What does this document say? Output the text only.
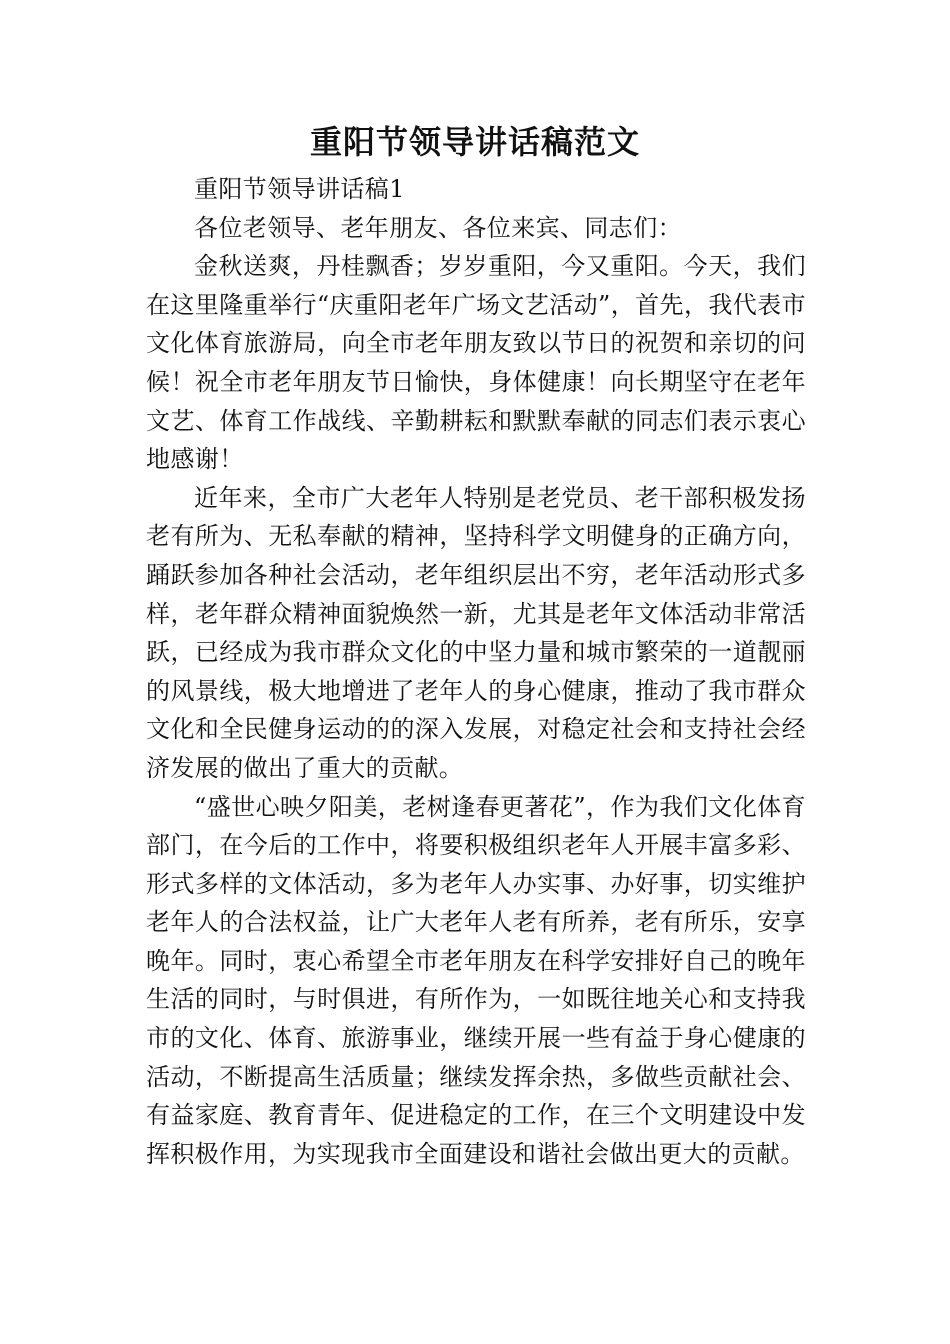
重阳节领导讲话稿范文

重阳节领导讲话稿1

各位老领导、老年朋友、各位来宾、同志们：

金秋送爽，丹桂飘香；岁岁重阳，今又重阳。今天，我们在这里隆重举行“庆重阳老年广场文艺活动”，首先，我代表市文化体育旅游局，向全市老年朋友致以节日的祝贺和亲切的问候！祝全市老年朋友节日愉快，身体健康！向长期坚守在老年文艺、体育工作战线、辛勤耕耘和默默奉献的同志们表示衷心地感谢！

近年来，全市广大老年人特别是老党员、老干部积极发扬老有所为、无私奉献的精神，坚持科学文明健身的正确方向，踊跃参加各种社会活动，老年组织层出不穷，老年活动形式多样，老年群众精神面貌焕然一新，尤其是老年文体活动非常活跃，已经成为我市群众文化的中坚力量和城市繁荣的一道靓丽的风景线，极大地增进了老年人的身心健康，推动了我市群众文化和全民健身运动的的深入发展，对稳定社会和支持社会经济发展的做出了重大的贡献。

“盛世心映夕阳美，老树逢春更著花”，作为我们文化体育部门，在今后的工作中，将要积极组织老年人开展丰富多彩、形式多样的文体活动，多为老年人办实事、办好事，切实维护老年人的合法权益，让广大老年人老有所养，老有所乐，安享晚年。同时，衷心希望全市老年朋友在科学安排好自己的晚年生活的同时，与时俱进，有所作为，一如既往地关心和支持我市的文化、体育、旅游事业，继续开展一些有益于身心健康的活动，不断提高生活质量；继续发挥余热，多做些贡献社会、有益家庭、教育青年、促进稳定的工作，在三个文明建设中发挥积极作用，为实现我市全面建设和谐社会做出更大的贡献。
